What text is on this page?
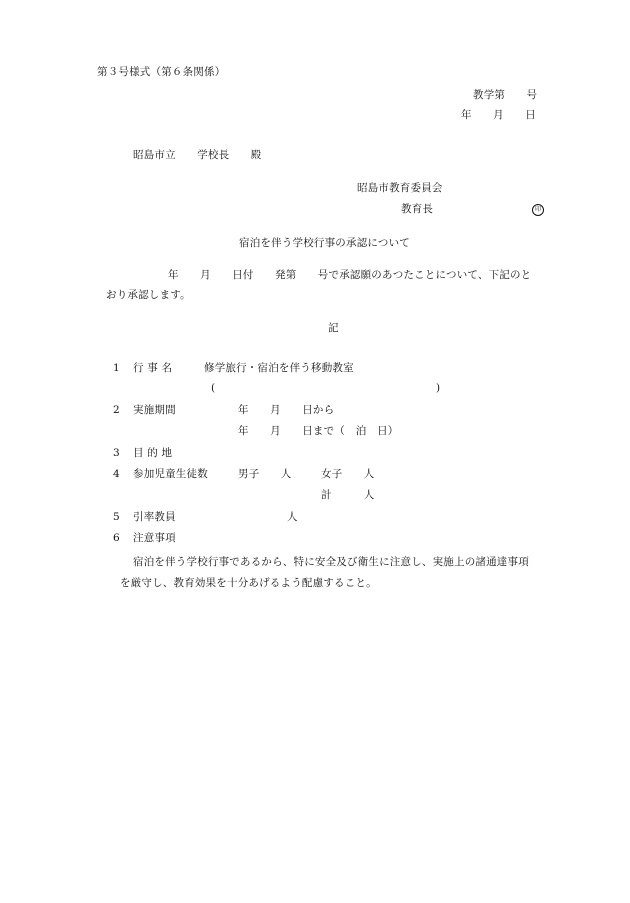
第３号様式（第６条関係）
教学第　　号
年　　月　　日
昭島市立　　学校長　　殿
昭島市教育委員会
教育長	印
宿泊を伴う学校行事の承認について
年　　月　　日付　　発第　　号で承認願のあつたことについて、下記のと
おり承認します。
記
1 行 事 名	修学旅行・宿泊を伴う移動教室
(	)
2 実施期間	年　　月　　日から
年　　月　　日まで（　泊　日）
3 目 的 地
4 参加児童生徒数	男子　　人	女子　　人
計　　　人
5 引率教員	人
6 注意事項
宿泊を伴う学校行事であるから、特に安全及び衛生に注意し、実施上の諸通達事項
を厳守し、教育効果を十分あげるよう配慮すること。
